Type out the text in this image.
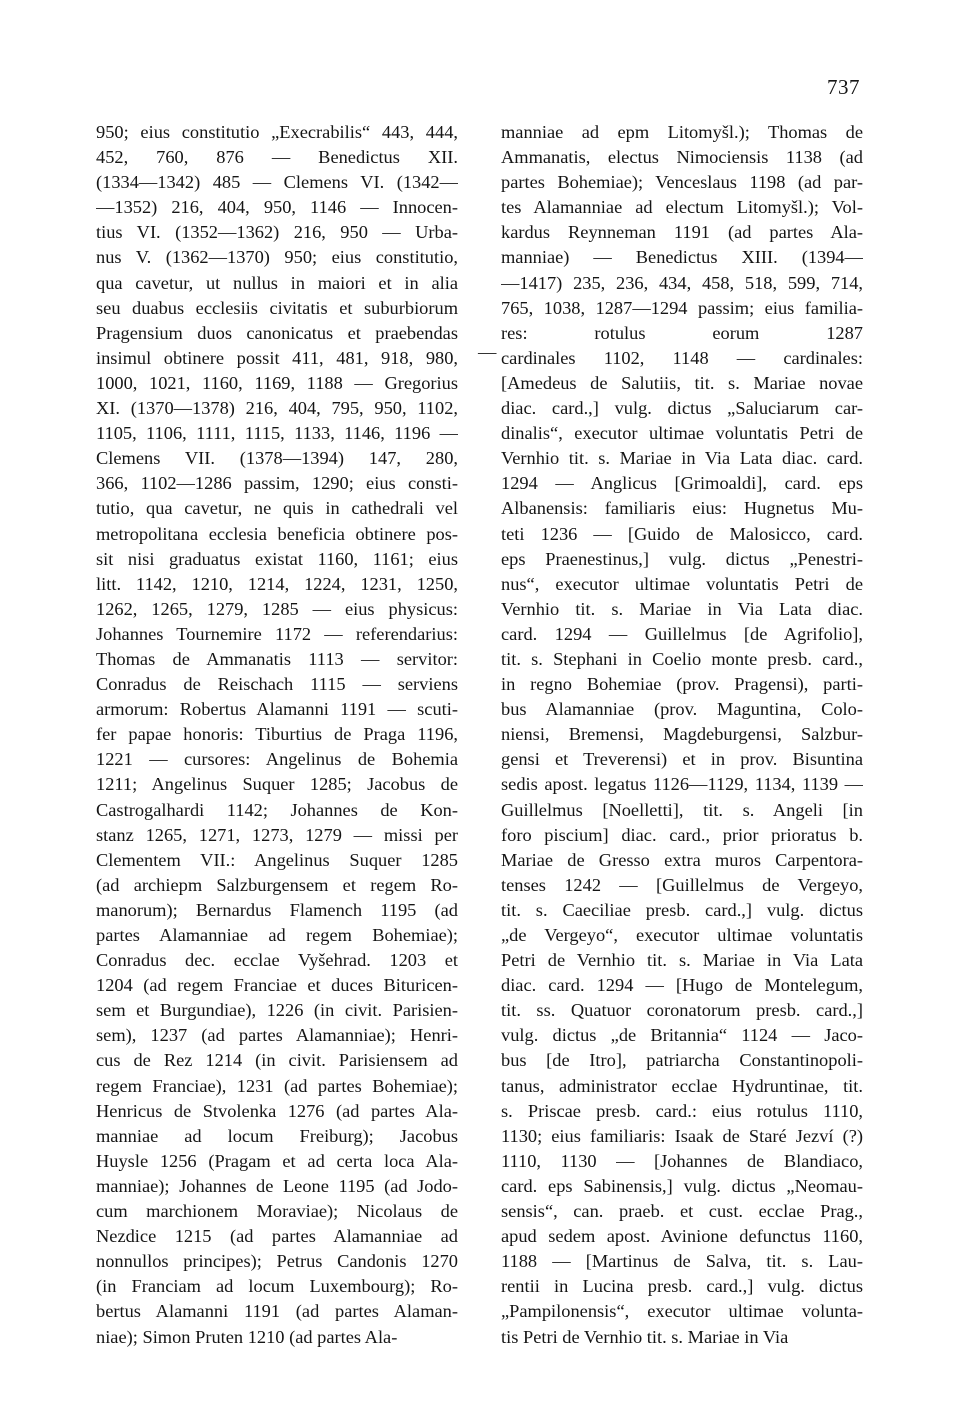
737
950; eius constitutio „Execrabilis“ 443, 444,
452, 760, 876 — Benedictus XII.
(1334—1342) 485 — Clemens VI. (1342—
—1352) 216, 404, 950, 1146 — Innocen-
tius VI. (1352—1362) 216, 950 — Urba-
nus V. (1362—1370) 950; eius constitutio,
qua cavetur, ut nullus in maiori et in alia
seu duabus ecclesiis civitatis et suburbiorum
Pragensium duos canonicatus et praebendas
insimul obtinere possit 411, 481, 918, 980,
1000, 1021, 1160, 1169, 1188 — Gregorius
XI. (1370—1378) 216, 404, 795, 950, 1102,
1105, 1106, 1111, 1115, 1133, 1146, 1196 —
Clemens VII. (1378—1394) 147, 280,
366, 1102—1286 passim, 1290; eius consti-
tutio, qua cavetur, ne quis in cathedrali vel
metropolitana ecclesia beneficia obtinere pos-
sit nisi graduatus existat 1160, 1161; eius
litt. 1142, 1210, 1214, 1224, 1231, 1250,
1262, 1265, 1279, 1285 — eius physicus:
Johannes Tournemire 1172 — referendarius:
Thomas de Ammanatis 1113 — servitor:
Conradus de Reischach 1115 — serviens
armorum: Robertus Alamanni 1191 — scuti-
fer papae honoris: Tiburtius de Praga 1196,
1221 — cursores: Angelinus de Bohemia
1211; Angelinus Suquer 1285; Jacobus de
Castrogalhardi 1142; Johannes de Kon-
stanz 1265, 1271, 1273, 1279 — missi per
Clementem VII.: Angelinus Suquer 1285
(ad archiepm Salzburgensem et regem Ro-
manorum); Bernardus Flamench 1195 (ad
partes Alamanniae ad regem Bohemiae);
Conradus dec. ecclae Vyšehrad. 1203 et
1204 (ad regem Franciae et duces Bituricen-
sem et Burgundiae), 1226 (in civit. Parisien-
sem), 1237 (ad partes Alamanniae); Henri-
cus de Rez 1214 (in civit. Parisiensem ad
regem Franciae), 1231 (ad partes Bohemiae);
Henricus de Stvolenka 1276 (ad partes Ala-
manniae ad locum Freiburg); Jacobus
Huysle 1256 (Pragam et ad certa loca Ala-
manniae); Johannes de Leone 1195 (ad Jodo-
cum marchionem Moraviae); Nicolaus de
Nezdice 1215 (ad partes Alamanniae ad
nonnullos principes); Petrus Candonis 1270
(in Franciam ad locum Luxembourg); Ro-
bertus Alamanni 1191 (ad partes Alaman-
niae); Simon Pruten 1210 (ad partes Ala-
—
manniae ad epm Litomyšl.); Thomas de
Ammanatis, electus Nimociensis 1138 (ad
partes Bohemiae); Venceslaus 1198 (ad par-
tes Alamanniae ad electum Litomyšl.); Vol-
kardus Reynneman 1191 (ad partes Ala-
manniae) — Benedictus XIII. (1394—
—1417) 235, 236, 434, 458, 518, 599, 714,
765, 1038, 1287—1294 passim; eius familia-
res: rotulus eorum 1287
cardinales 1102, 1148 — cardinales:
[Amedeus de Salutiis, tit. s. Mariae novae
diac. card.,] vulg. dictus „Saluciarum car-
dinalis“, executor ultimae voluntatis Petri de
Vernhio tit. s. Mariae in Via Lata diac. card.
1294 — Anglicus [Grimoaldi], card. eps
Albanensis: familiaris eius: Hugnetus Mu-
teti 1236 — [Guido de Malosicco, card.
eps Praenestinus,] vulg. dictus „Penestri-
nus“, executor ultimae voluntatis Petri de
Vernhio tit. s. Mariae in Via Lata diac.
card. 1294 — Guillelmus [de Agrifolio],
tit. s. Stephani in Coelio monte presb. card.,
in regno Bohemiae (prov. Pragensi), parti-
bus Alamanniae (prov. Maguntina, Colo-
niensi, Bremensi, Magdeburgensi, Salzbur-
gensi et Treverensi) et in prov. Bisuntina
sedis apost. legatus 1126—1129, 1134, 1139 —
Guillelmus [Noelletti], tit. s. Angeli [in
foro piscium] diac. card., prior prioratus b.
Mariae de Gresso extra muros Carpentora-
tenses 1242 — [Guillelmus de Vergeyo,
tit. s. Caeciliae presb. card.,] vulg. dictus
„de Vergeyo“, executor ultimae voluntatis
Petri de Vernhio tit. s. Mariae in Via Lata
diac. card. 1294 — [Hugo de Montelegum,
tit. ss. Quatuor coronatorum presb. card.,]
vulg. dictus „de Britannia“ 1124 — Jaco-
bus [de Itro], patriarcha Constantinopoli-
tanus, administrator ecclae Hydruntinae, tit.
s. Priscae presb. card.: eius rotulus 1110,
1130; eius familiaris: Isaak de Staré Jezví (?)
1110, 1130 — [Johannes de Blandiaco,
card. eps Sabinensis,] vulg. dictus „Neomau-
sensis“, can. praeb. et cust. ecclae Prag.,
apud sedem apost. Avinione defunctus 1160,
1188 — [Martinus de Salva, tit. s. Lau-
rentii in Lucina presb. card.,] vulg. dictus
„Pampilonensis“, executor ultimae volunta-
tis Petri de Vernhio tit. s. Mariae in Via
